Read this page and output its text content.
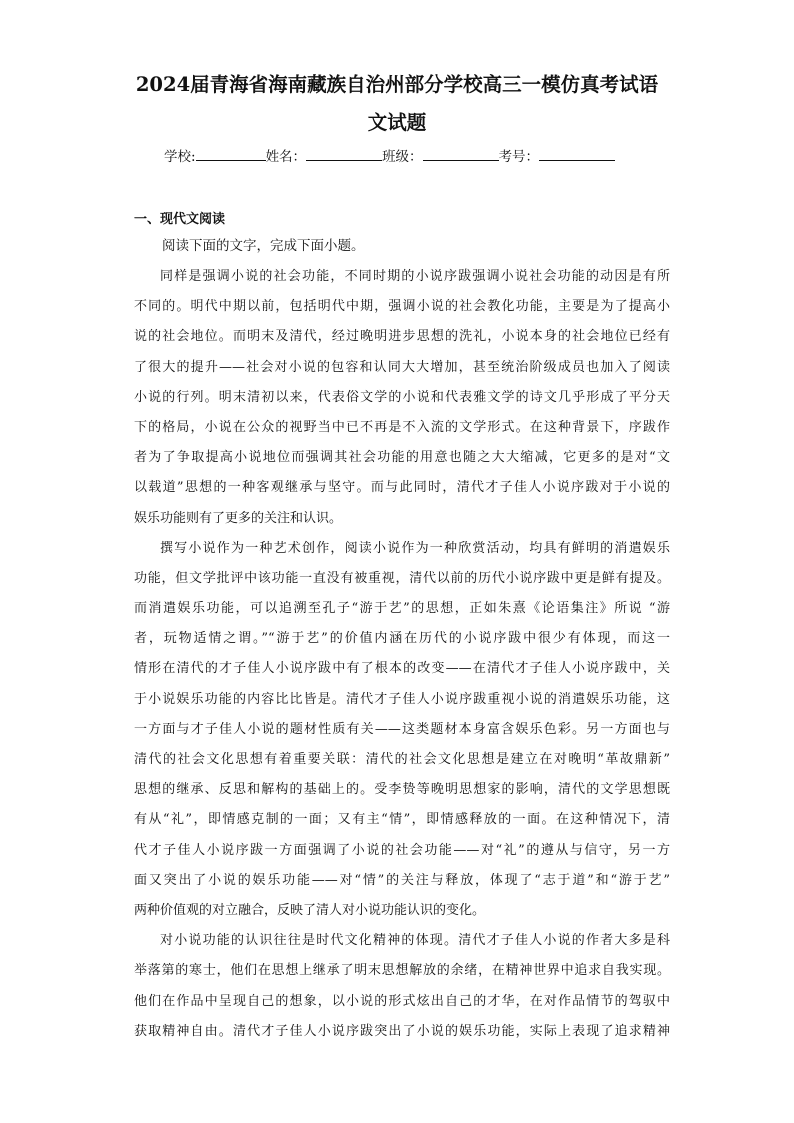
2024届青海省海南藏族自治州部分学校高三一模仿真考试语
文试题
学校:	姓名：	班级：	考号：
一、现代文阅读
阅读下面的文字，完成下面小题。
同样是强调小说的社会功能，不同时期的小说序跋强调小说社会功能的动因是有所
不同的。明代中期以前，包括明代中期，强调小说的社会教化功能，主要是为了提高小
说的社会地位。而明末及清代，经过晚明进步思想的洗礼，小说本身的社会地位已经有
了很大的提升——社会对小说的包容和认同大大增加，甚至统治阶级成员也加入了阅读
小说的行列。明末清初以来，代表俗文学的小说和代表雅文学的诗文几乎形成了平分天
下的格局，小说在公众的视野当中已不再是不入流的文学形式。在这种背景下，序跋作
者为了争取提高小说地位而强调其社会功能的用意也随之大大缩减，它更多的是对“文
以载道”思想的一种客观继承与坚守。而与此同时，清代才子佳人小说序跋对于小说的
娱乐功能则有了更多的关注和认识。
撰写小说作为一种艺术创作，阅读小说作为一种欣赏活动，均具有鲜明的消遣娱乐
功能，但文学批评中该功能一直没有被重视，清代以前的历代小说序跋中更是鲜有提及。
而消遣娱乐功能，可以追溯至孔子“游于艺”的思想，正如朱熹《论语集注》所说 “游
者，玩物适情之谓。”“游于艺”的价值内涵在历代的小说序跋中很少有体现，而这一
情形在清代的才子佳人小说序跋中有了根本的改变——在清代才子佳人小说序跋中，关
于小说娱乐功能的内容比比皆是。清代才子佳人小说序跋重视小说的消遣娱乐功能，这
一方面与才子佳人小说的题材性质有关——这类题材本身富含娱乐色彩。另一方面也与
清代的社会文化思想有着重要关联：清代的社会文化思想是建立在对晚明“革故鼎新”
思想的继承、反思和解构的基础上的。受李贽等晚明思想家的影响，清代的文学思想既
有从“礼”，即情感克制的一面；又有主“情”，即情感释放的一面。在这种情况下，清
代才子佳人小说序跋一方面强调了小说的社会功能——对“礼”的遵从与信守，另一方
面又突出了小说的娱乐功能——对“情”的关注与释放，体现了“志于道”和“游于艺”
两种价值观的对立融合，反映了清人对小说功能认识的变化。
对小说功能的认识往往是时代文化精神的体现。清代才子佳人小说的作者大多是科
举落第的寒士，他们在思想上继承了明末思想解放的余绪，在精神世界中追求自我实现。
他们在作品中呈现自己的想象，以小说的形式炫出自己的才华，在对作品情节的驾驭中
获取精神自由。清代才子佳人小说序跋突出了小说的娱乐功能，实际上表现了追求精神
